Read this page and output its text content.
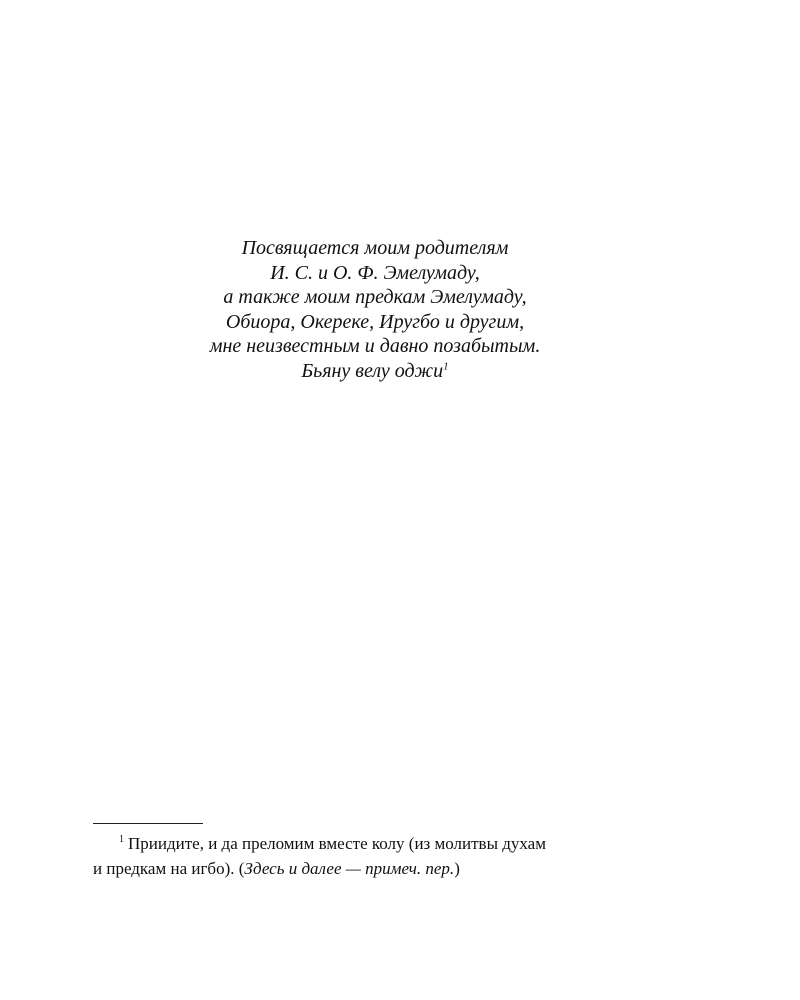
Посвящается моим родителям
И. С. и О. Ф. Эмелумаду,
а также моим предкам Эмелумаду,
Обиора, Окереке, Иругбо и другим,
мне неизвестным и давно позабытым.
Бьяну велу оджи$^1$
$^1$ Приидите, и да преломим вместе колу (из молитвы духам
и предкам на игбо). (Здесь и далее — примеч. пер.)
